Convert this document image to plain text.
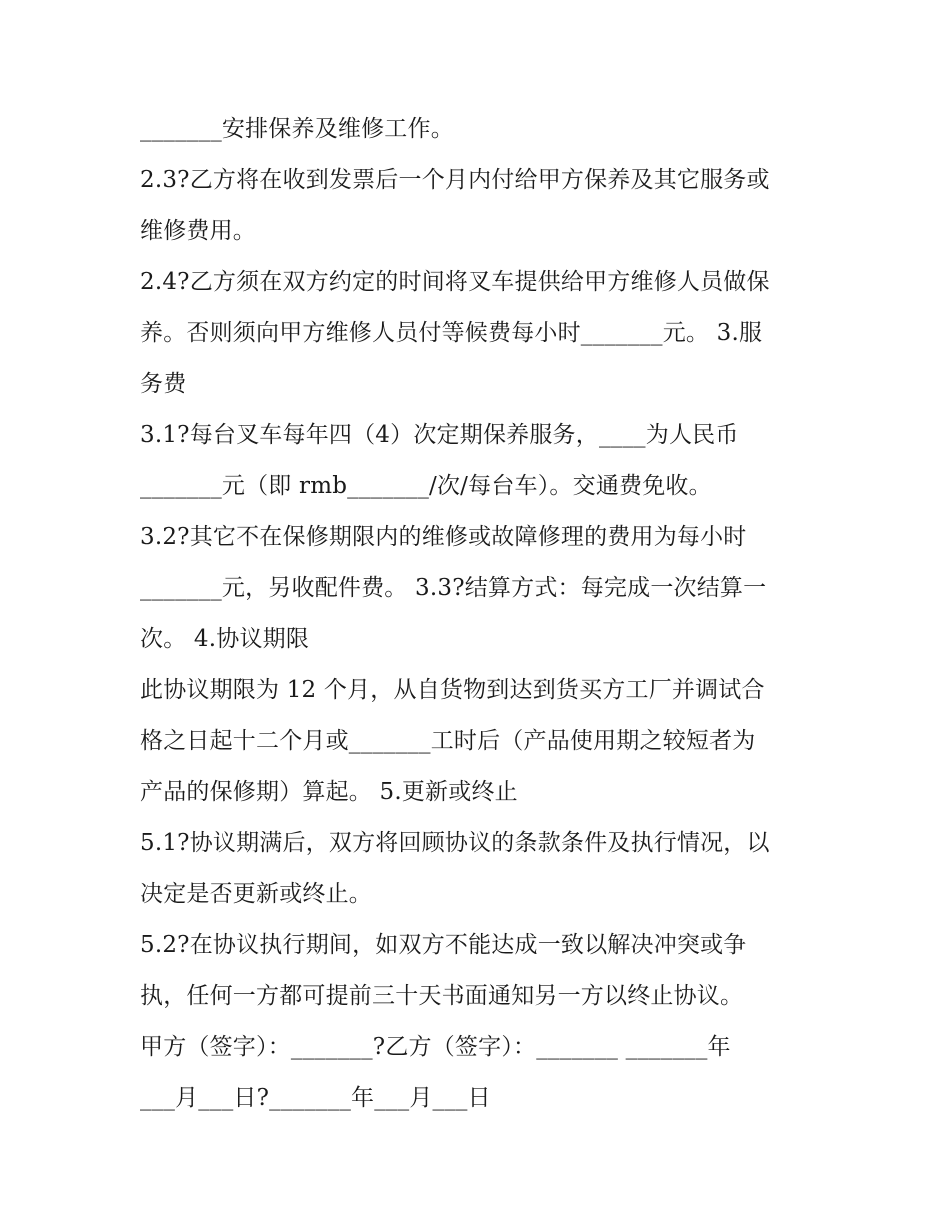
_______安排保养及维修工作。
2.3?乙方将在收到发票后一个月内付给甲方保养及其它服务或
维修费用。
2.4?乙方须在双方约定的时间将叉车提供给甲方维修人员做保
养。否则须向甲方维修人员付等候费每小时_______元。 3.服
务费
3.1?每台叉车每年四（4）次定期保养服务，____为人民币
_______元（即 rmb_______/次/每台车）。交通费免收。
3.2?其它不在保修期限内的维修或故障修理的费用为每小时
_______元，另收配件费。 3.3?结算方式：每完成一次结算一
次。 4.协议期限
此协议期限为 12 个月，从自货物到达到货买方工厂并调试合
格之日起十二个月或_______工时后（产品使用期之较短者为
产品的保修期）算起。 5.更新或终止
5.1?协议期满后，双方将回顾协议的条款条件及执行情况，以
决定是否更新或终止。
5.2?在协议执行期间，如双方不能达成一致以解决冲突或争
执，任何一方都可提前三十天书面通知另一方以终止协议。
甲方（签字）：_______?乙方（签字）：_______ _______年
___月___日?_______年___月___日
